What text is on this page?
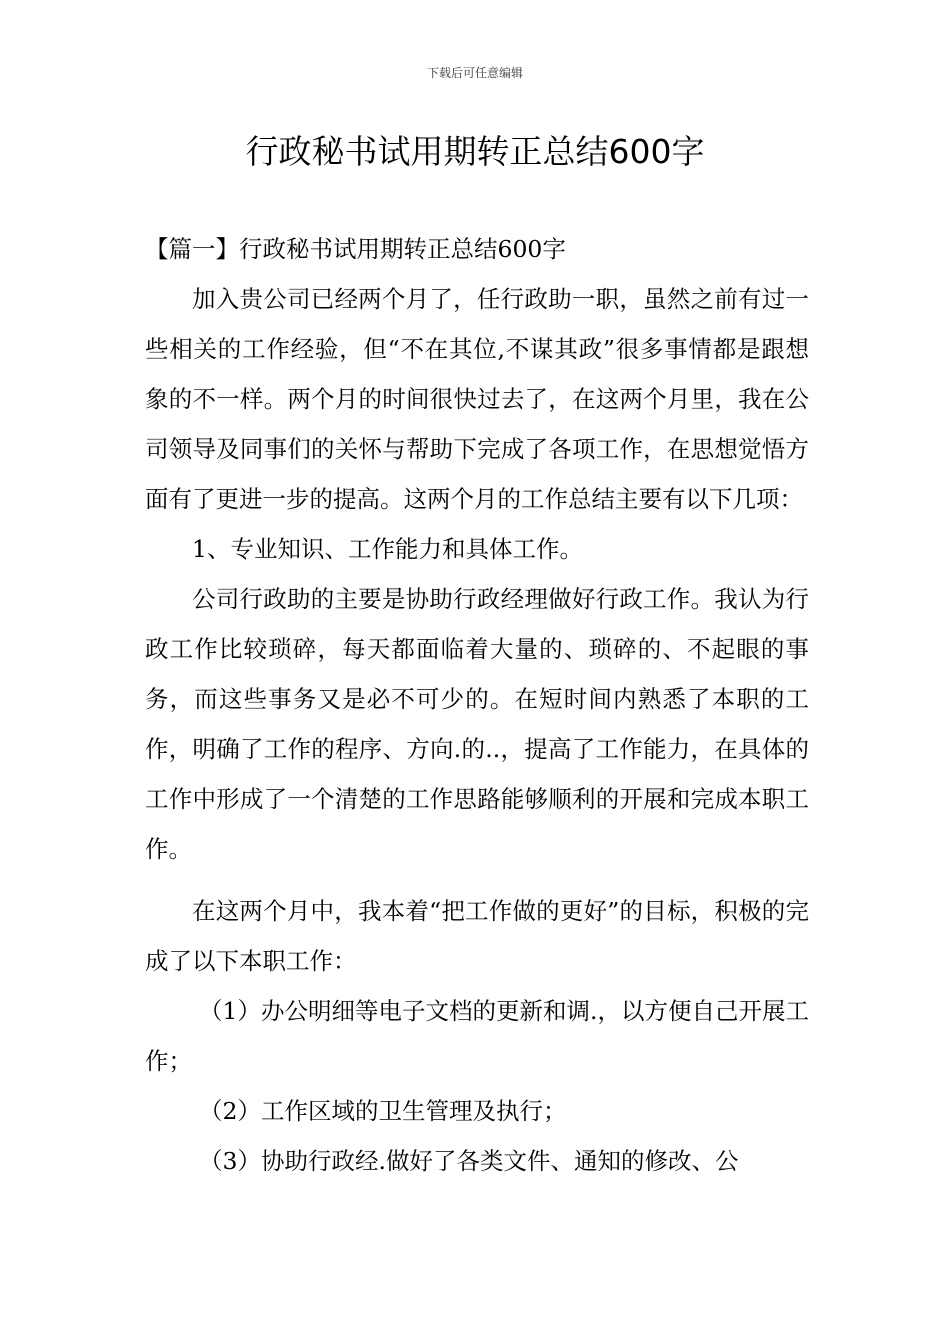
下载后可任意编辑
行政秘书试用期转正总结600字

【篇一】行政秘书试用期转正总结600字

加入贵公司已经两个月了，任行政助一职，虽然之前有过一些相关的工作经验，但“不在其位,不谋其政”很多事情都是跟想象的不一样。两个月的时间很快过去了，在这两个月里，我在公司领导及同事们的关怀与帮助下完成了各项工作，在思想觉悟方面有了更进一步的提高。这两个月的工作总结主要有以下几项：

1、专业知识、工作能力和具体工作。

公司行政助的主要是协助行政经理做好行政工作。我认为行政工作比较琐碎，每天都面临着大量的、琐碎的、不起眼的事务，而这些事务又是必不可少的。在短时间内熟悉了本职的工作，明确了工作的程序、方向.的..，提高了工作能力，在具体的工作中形成了一个清楚的工作思路能够顺利的开展和完成本职工作。

在这两个月中，我本着“把工作做的更好”的目标，积极的完成了以下本职工作：

（1）办公明细等电子文档的更新和调.，以方便自己开展工作；

（2）工作区域的卫生管理及执行；

（3）协助行政经.做好了各类文件、通知的修改、公
